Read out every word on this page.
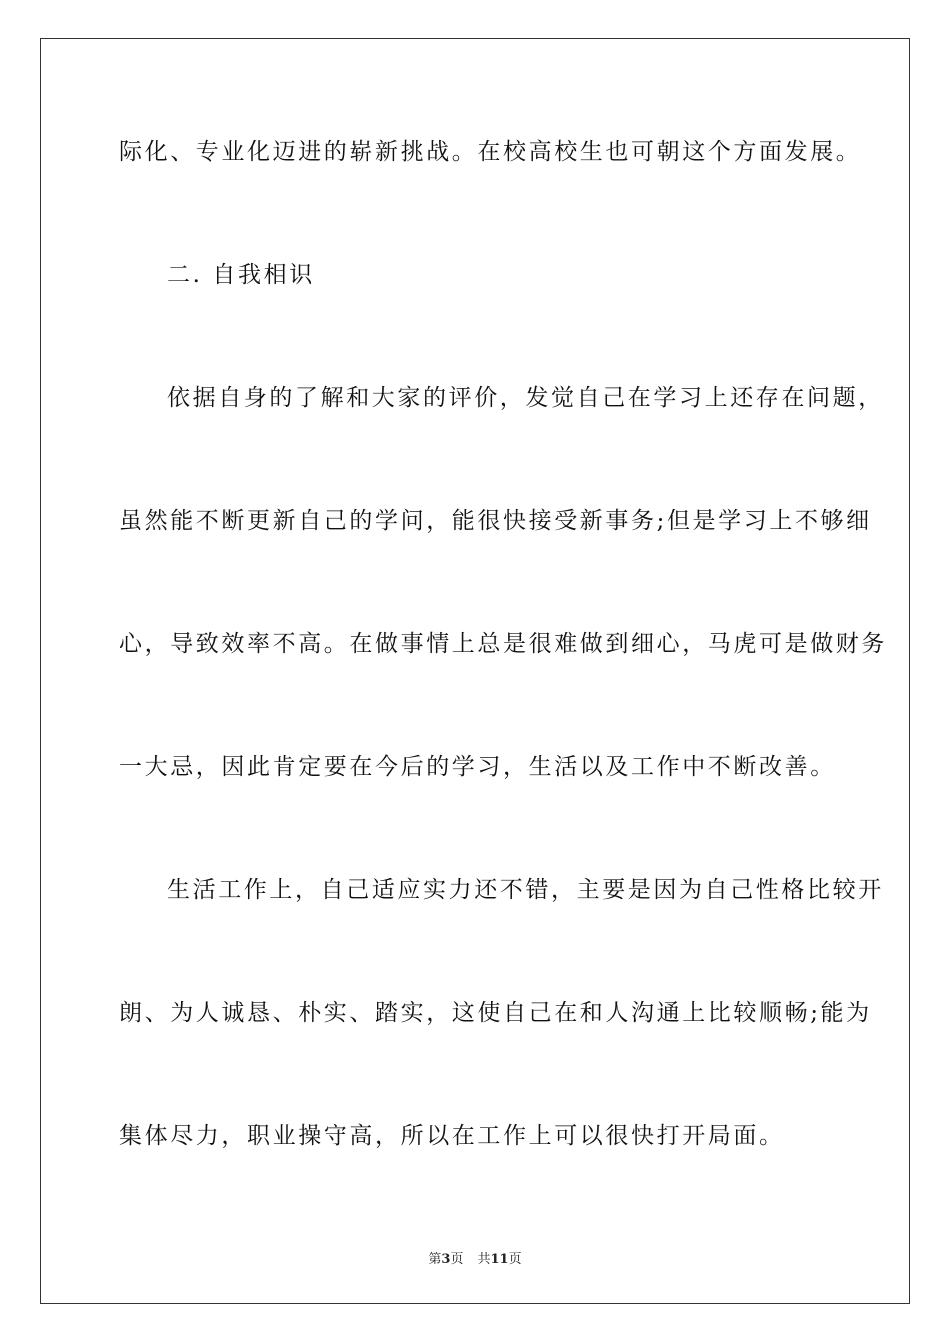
际化、专业化迈进的崭新挑战。在校高校生也可朝这个方面发展。
二. 自我相识
依据自身的了解和大家的评价，发觉自己在学习上还存在问题，
虽然能不断更新自己的学问，能很快接受新事务;但是学习上不够细
心，导致效率不高。在做事情上总是很难做到细心，马虎可是做财务
一大忌，因此肯定要在今后的学习，生活以及工作中不断改善。
生活工作上，自己适应实力还不错，主要是因为自己性格比较开
朗、为人诚恳、朴实、踏实，这使自己在和人沟通上比较顺畅;能为
集体尽力，职业操守高，所以在工作上可以很快打开局面。
第3页 共11页
